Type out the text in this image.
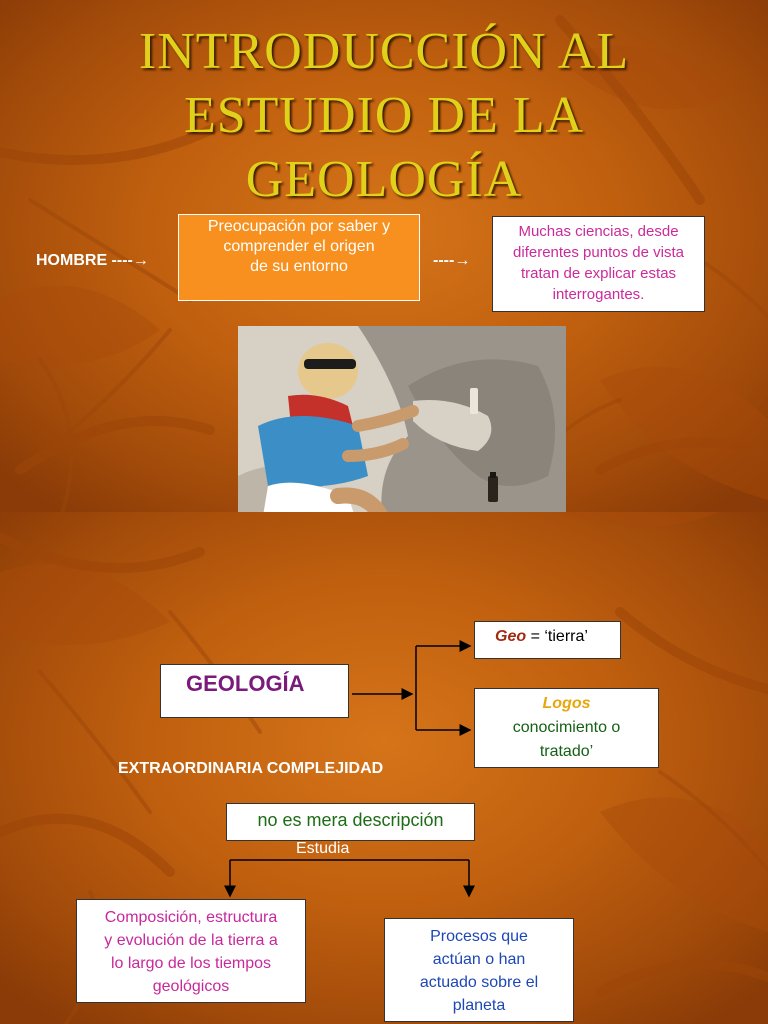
INTRODUCCIÓN AL
ESTUDIO DE LA
GEOLOGÍA
HOMBRE ----→
Preocupación por saber y
comprender el origen
de su entorno	----→
Muchas ciencias, desde
diferentes puntos de vista
tratan de explicar estas
interrogantes.
GEOLOGÍA
Geo = ‘tierra’
Logos
conocimiento o
tratado’
EXTRAORDINARIA COMPLEJIDAD
no es mera descripción
Estudia
Composición, estructura
y evolución de la tierra a
lo largo de los tiempos
geológicos
Procesos que
actúan o han
actuado sobre el
planeta
